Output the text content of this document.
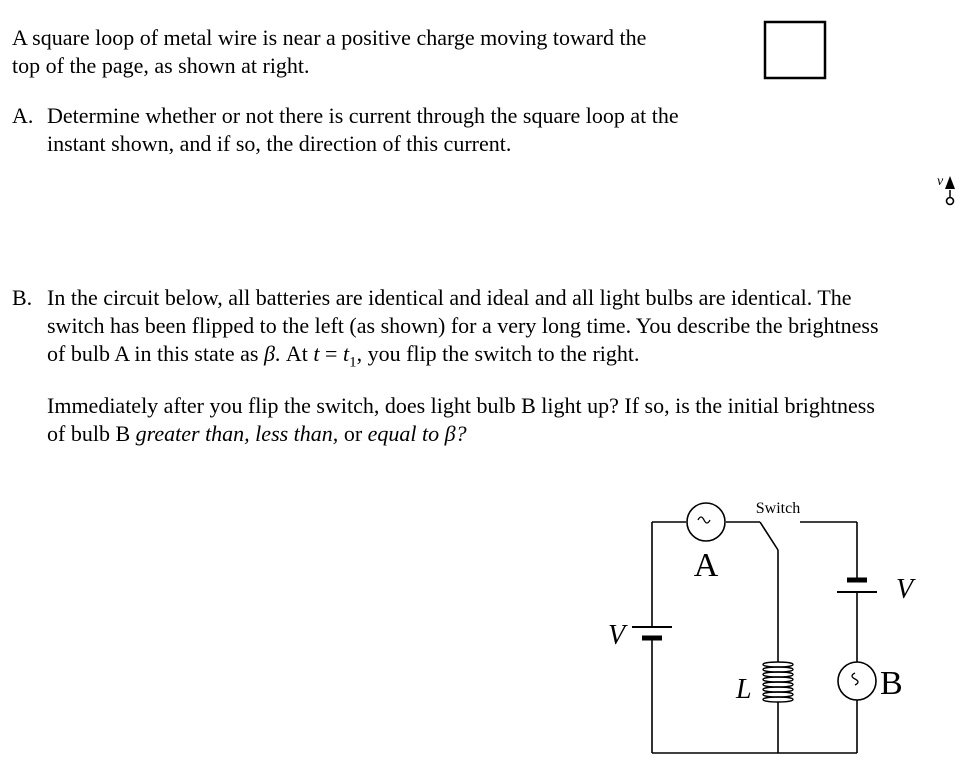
A square loop of metal wire is near a positive charge moving toward the
top of the page, as shown at right.

A. Determine whether or not there is current through the square loop at the
instant shown, and if so, the direction of this current.

B. In the circuit below, all batteries are identical and ideal and all light bulbs are identical. The
switch has been flipped to the left (as shown) for a very long time. You describe the brightness
of bulb A in this state as β. At $t = t_1$, you flip the switch to the right.

Immediately after you flip the switch, does light bulb B light up? If so, is the initial brightness
of bulb B greater than, less than, or equal to β?

v
A
Switch
V
V
L	B
